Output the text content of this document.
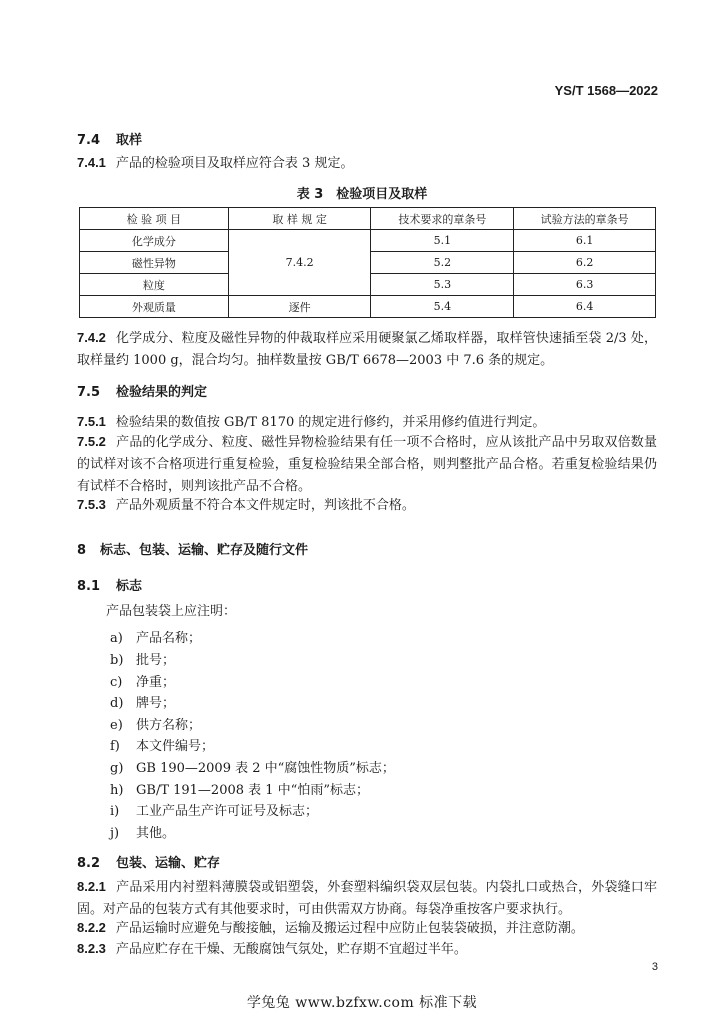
YS/T 1568—2022
7.4 取样
7.4.1 产品的检验项目及取样应符合表 3 规定。
表 3　检验项目及取样
检 验 项 目	取 样 规 定	技术要求的章条号	试验方法的章条号
化学成分	7.4.2	5.1	6.1
磁性异物		5.2	6.2
粒度		5.3	6.3
外观质量	逐件	5.4	6.4
7.4.2 化学成分、粒度及磁性异物的仲裁取样应采用硬聚氯乙烯取样器，取样管快速插至袋 2/3 处，取样量约 1000 g，混合均匀。抽样数量按 GB/T 6678—2003 中 7.6 条的规定。
7.5 检验结果的判定
7.5.1 检验结果的数值按 GB/T 8170 的规定进行修约，并采用修约值进行判定。
7.5.2 产品的化学成分、粒度、磁性异物检验结果有任一项不合格时，应从该批产品中另取双倍数量的试样对该不合格项进行重复检验，重复检验结果全部合格，则判整批产品合格。若重复检验结果仍有试样不合格时，则判该批产品不合格。
7.5.3 产品外观质量不符合本文件规定时，判该批不合格。
8 标志、包装、运输、贮存及随行文件
8.1 标志
产品包装袋上应注明：
a) 产品名称；
b) 批号；
c) 净重；
d) 牌号；
e) 供方名称；
f) 本文件编号；
g) GB 190—2009 表 2 中“腐蚀性物质”标志；
h) GB/T 191—2008 表 1 中“怕雨”标志；
i) 工业产品生产许可证号及标志；
j) 其他。
8.2 包装、运输、贮存
8.2.1 产品采用内衬塑料薄膜袋或铝塑袋，外套塑料编织袋双层包装。内袋扎口或热合，外袋缝口牢固。对产品的包装方式有其他要求时，可由供需双方协商。每袋净重按客户要求执行。
8.2.2 产品运输时应避免与酸接触，运输及搬运过程中应防止包装袋破损，并注意防潮。
8.2.3 产品应贮存在干燥、无酸腐蚀气氛处，贮存期不宜超过半年。
3
学兔兔 www.bzfxw.com 标准下载
